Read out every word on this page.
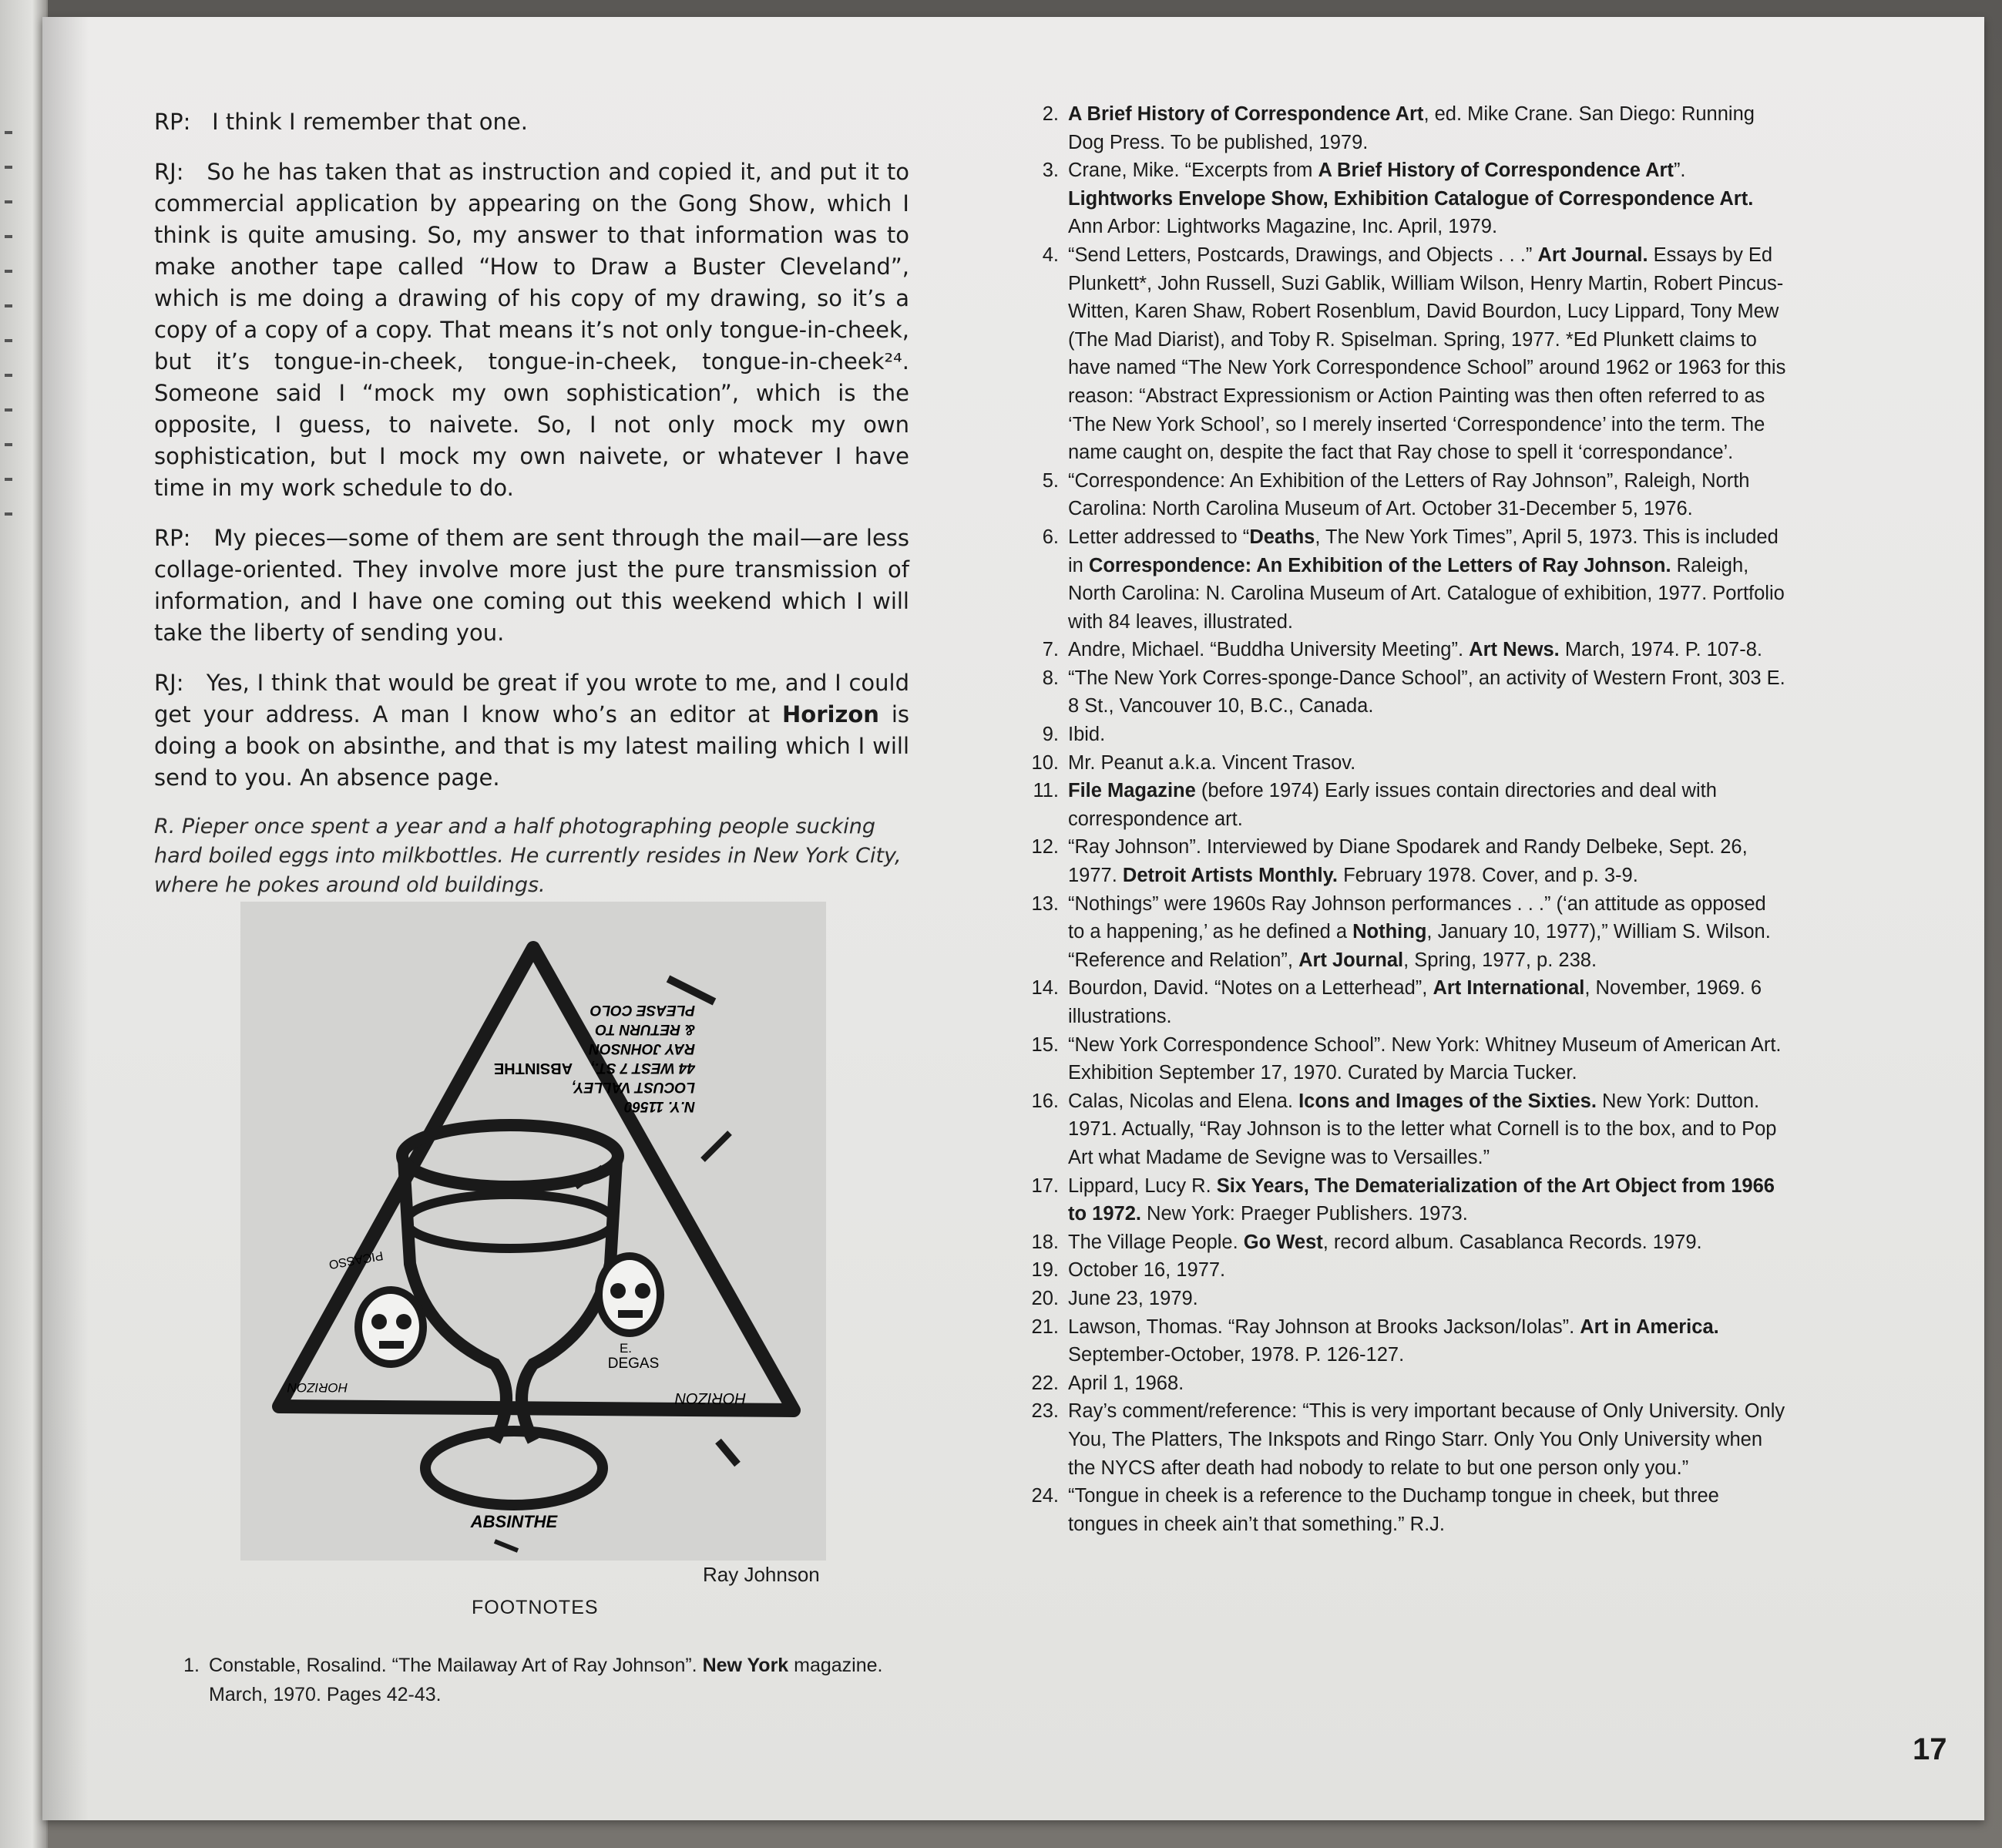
RP: I think I remember that one.

RJ: So he has taken that as instruction and copied it, and put it to commercial application by appearing on the Gong Show, which I think is quite amusing. So, my answer to that information was to make another tape called “How to Draw a Buster Cleveland”, which is me doing a drawing of his copy of my drawing, so it’s a copy of a copy of a copy. That means it’s not only tongue-in-cheek, but it’s tongue-in-cheek, tongue-in-cheek, tongue-in-cheek²⁴. Someone said I “mock my own sophistication”, which is the opposite, I guess, to naivete. So, I not only mock my own sophistication, but I mock my own naivete, or whatever I have time in my work schedule to do.

RP: My pieces—some of them are sent through the mail—are less collage-oriented. They involve more just the pure transmission of information, and I have one coming out this weekend which I will take the liberty of sending you.

RJ: Yes, I think that would be great if you wrote to me, and I could get your address. A man I know who’s an editor at Horizon is doing a book on absinthe, and that is my latest mailing which I will send to you. An absence page.

R. Pieper once spent a year and a half photographing people sucking hard boiled eggs into milkbottles. He currently resides in New York City, where he pokes around old buildings.
ABSINTHE
ABSINTHE
HORIZON
HORIZON
DEGAS
E.
PICASSO
N.Y. 11560
LOCUST VALLEY,
44 WEST 7 ST.,
RAY JOHNSON
& RETURN TO
PLEASE COLO
Ray Johnson
FOOTNOTES
1. Constable, Rosalind. “The Mailaway Art of Ray Johnson”. New York magazine. March, 1970. Pages 42-43.
2. A Brief History of Correspondence Art, ed. Mike Crane. San Diego: Running Dog Press. To be published, 1979.
3. Crane, Mike. “Excerpts from A Brief History of Correspondence Art”. Lightworks Envelope Show, Exhibition Catalogue of Correspondence Art. Ann Arbor: Lightworks Magazine, Inc. April, 1979.
4. “Send Letters, Postcards, Drawings, and Objects . . .” Art Journal. Essays by Ed Plunkett*, John Russell, Suzi Gablik, William Wilson, Henry Martin, Robert Pincus-Witten, Karen Shaw, Robert Rosenblum, David Bourdon, Lucy Lippard, Tony Mew (The Mad Diarist), and Toby R. Spiselman. Spring, 1977. *Ed Plunkett claims to have named “The New York Correspondence School” around 1962 or 1963 for this reason: “Abstract Expressionism or Action Painting was then often referred to as ‘The New York School’, so I merely inserted ‘Correspondence’ into the term. The name caught on, despite the fact that Ray chose to spell it ‘correspondance’.
5. “Correspondence: An Exhibition of the Letters of Ray Johnson”, Raleigh, North Carolina: North Carolina Museum of Art. October 31-December 5, 1976.
6. Letter addressed to “Deaths, The New York Times”, April 5, 1973. This is included in Correspondence: An Exhibition of the Letters of Ray Johnson. Raleigh, North Carolina: N. Carolina Museum of Art. Catalogue of exhibition, 1977. Portfolio with 84 leaves, illustrated.
7. Andre, Michael. “Buddha University Meeting”. Art News. March, 1974. P. 107-8.
8. “The New York Corres-sponge-Dance School”, an activity of Western Front, 303 E. 8 St., Vancouver 10, B.C., Canada.
9. Ibid.
10. Mr. Peanut a.k.a. Vincent Trasov.
11. File Magazine (before 1974) Early issues contain directories and deal with correspondence art.
12. “Ray Johnson”. Interviewed by Diane Spodarek and Randy Delbeke, Sept. 26, 1977. Detroit Artists Monthly. February 1978. Cover, and p. 3-9.
13. “Nothings” were 1960s Ray Johnson performances . . .” (‘an attitude as opposed to a happening,’ as he defined a Nothing, January 10, 1977),” William S. Wilson. “Reference and Relation”, Art Journal, Spring, 1977, p. 238.
14. Bourdon, David. “Notes on a Letterhead”, Art International, November, 1969. 6 illustrations.
15. “New York Correspondence School”. New York: Whitney Museum of American Art. Exhibition September 17, 1970. Curated by Marcia Tucker.
16. Calas, Nicolas and Elena. Icons and Images of the Sixties. New York: Dutton. 1971. Actually, “Ray Johnson is to the letter what Cornell is to the box, and to Pop Art what Madame de Sevigne was to Versailles.”
17. Lippard, Lucy R. Six Years, The Dematerialization of the Art Object from 1966 to 1972. New York: Praeger Publishers. 1973.
18. The Village People. Go West, record album. Casablanca Records. 1979.
19. October 16, 1977.
20. June 23, 1979.
21. Lawson, Thomas. “Ray Johnson at Brooks Jackson/Iolas”. Art in America. September-October, 1978. P. 126-127.
22. April 1, 1968.
23. Ray’s comment/reference: “This is very important because of Only University. Only You, The Platters, The Inkspots and Ringo Starr. Only You Only University when the NYCS after death had nobody to relate to but one person only you.”
24. “Tongue in cheek is a reference to the Duchamp tongue in cheek, but three tongues in cheek ain’t that something.” R.J.
17
